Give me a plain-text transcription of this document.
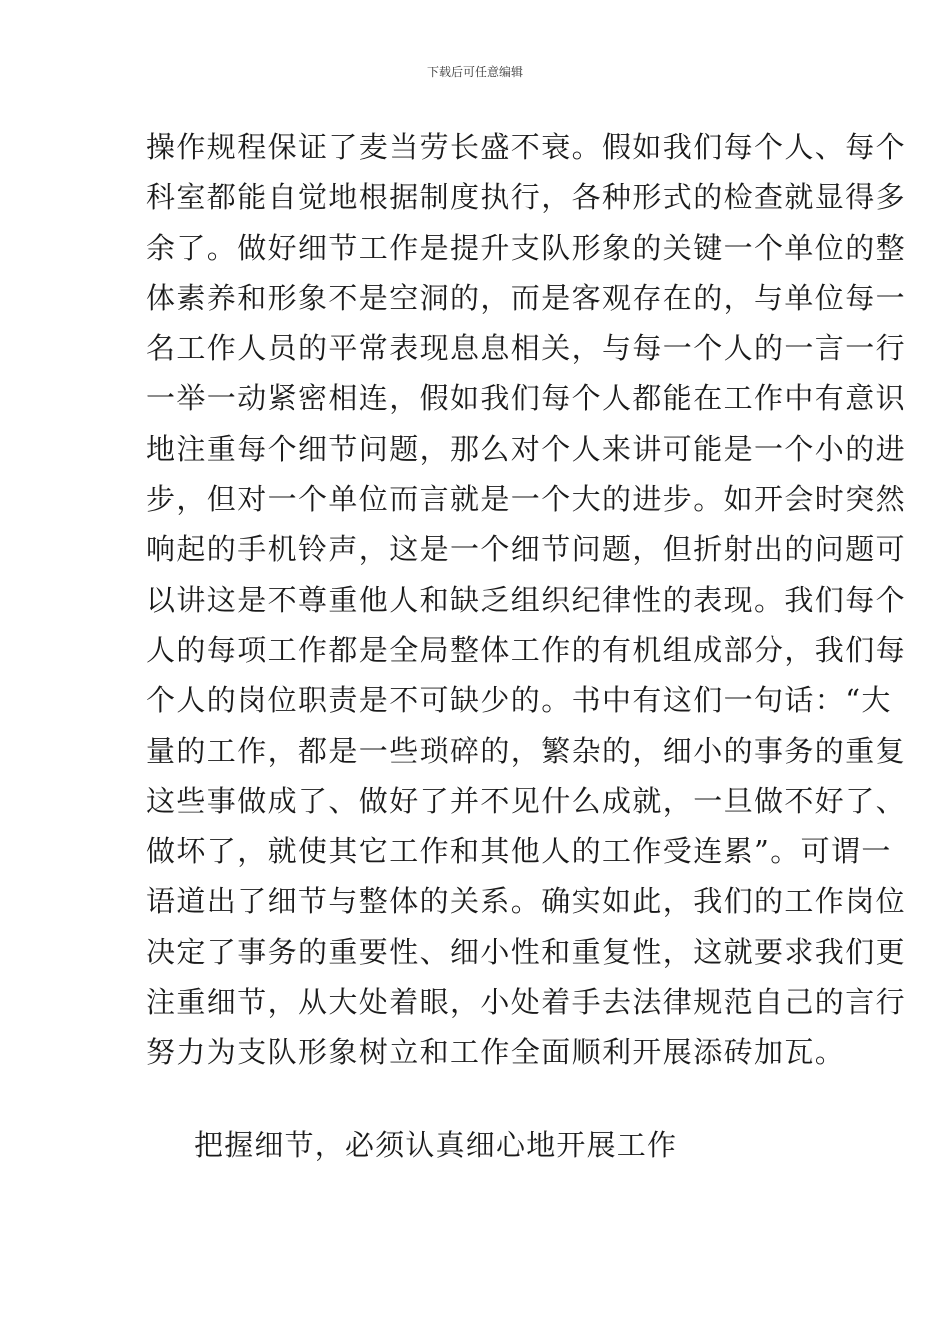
下载后可任意编辑
操作规程保证了麦当劳长盛不衰。假如我们每个人、每个
科室都能自觉地根据制度执行，各种形式的检查就显得多
余了。做好细节工作是提升支队形象的关键一个单位的整
体素养和形象不是空洞的，而是客观存在的，与单位每一
名工作人员的平常表现息息相关，与每一个人的一言一行
一举一动紧密相连，假如我们每个人都能在工作中有意识
地注重每个细节问题，那么对个人来讲可能是一个小的进
步，但对一个单位而言就是一个大的进步。如开会时突然
响起的手机铃声，这是一个细节问题，但折射出的问题可
以讲这是不尊重他人和缺乏组织纪律性的表现。我们每个
人的每项工作都是全局整体工作的有机组成部分，我们每
个人的岗位职责是不可缺少的。书中有这们一句话：“大
量的工作，都是一些琐碎的，繁杂的，细小的事务的重复
这些事做成了、做好了并不见什么成就，一旦做不好了、
做坏了，就使其它工作和其他人的工作受连累”。可谓一
语道出了细节与整体的关系。确实如此，我们的工作岗位
决定了事务的重要性、细小性和重复性，这就要求我们更
注重细节，从大处着眼，小处着手去法律规范自己的言行
努力为支队形象树立和工作全面顺利开展添砖加瓦。
把握细节，必须认真细心地开展工作
